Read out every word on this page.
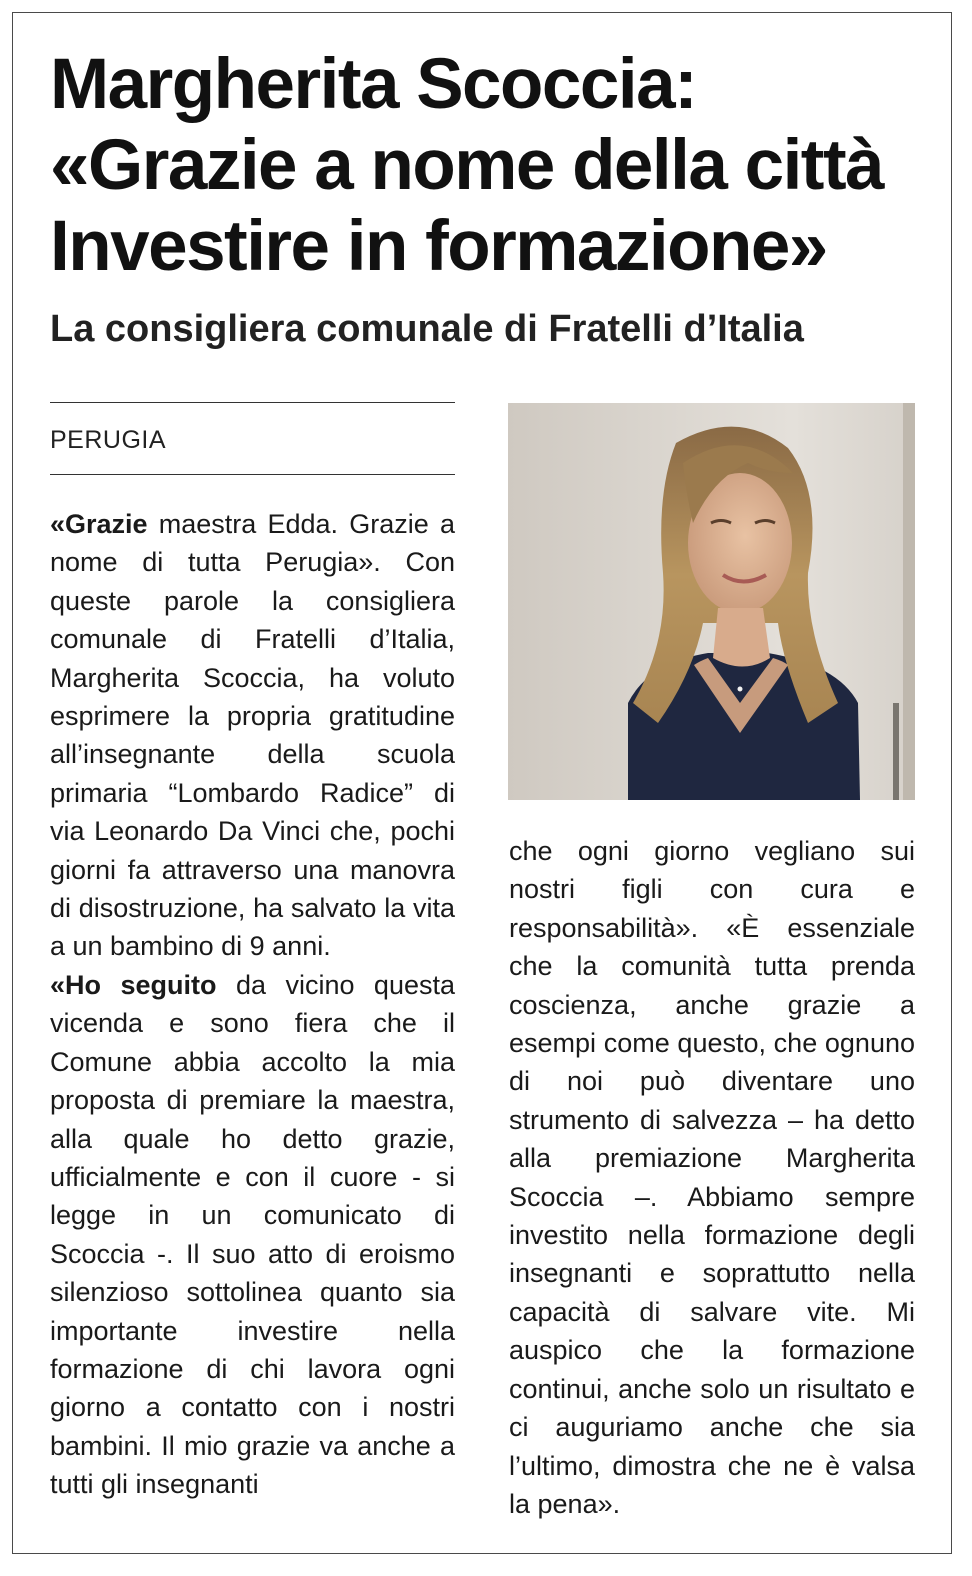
Margherita Scoccia:
«Grazie a nome della città
Investire in formazione»
La consigliera comunale di Fratelli d’Italia
PERUGIA

«Grazie maestra Edda. Grazie a nome di tutta Perugia». Con queste parole la consigliera comunale di Fratelli d’Italia, Margherita Scoccia, ha voluto esprimere la propria gratitudine all’insegnante della scuola primaria “Lombardo Radice” di via Leonardo Da Vinci che, pochi giorni fa attraverso una manovra di disostruzione, ha salvato la vita a un bambino di 9 anni.

«Ho seguito da vicino questa vicenda e sono fiera che il Comune abbia accolto la mia proposta di premiare la maestra, alla quale ho detto grazie, ufficialmente e con il cuore - si legge in un comunicato di Scoccia -. Il suo atto di eroismo silenzioso sottolinea quanto sia importante investire nella formazione di chi lavora ogni giorno a contatto con i nostri bambini. Il mio grazie va anche a tutti gli insegnanti

che ogni giorno vegliano sui nostri figli con cura e responsabilità». «È essenziale che la comunità tutta prenda coscienza, anche grazie a esempi come questo, che ognuno di noi può diventare uno strumento di salvezza – ha detto alla premiazione Margherita Scoccia –. Abbiamo sempre investito nella formazione degli insegnanti e soprattutto nella capacità di salvare vite. Mi auspico che la formazione continui, anche solo un risultato e ci auguriamo anche che sia l’ultimo, dimostra che ne è valsa la pena».
